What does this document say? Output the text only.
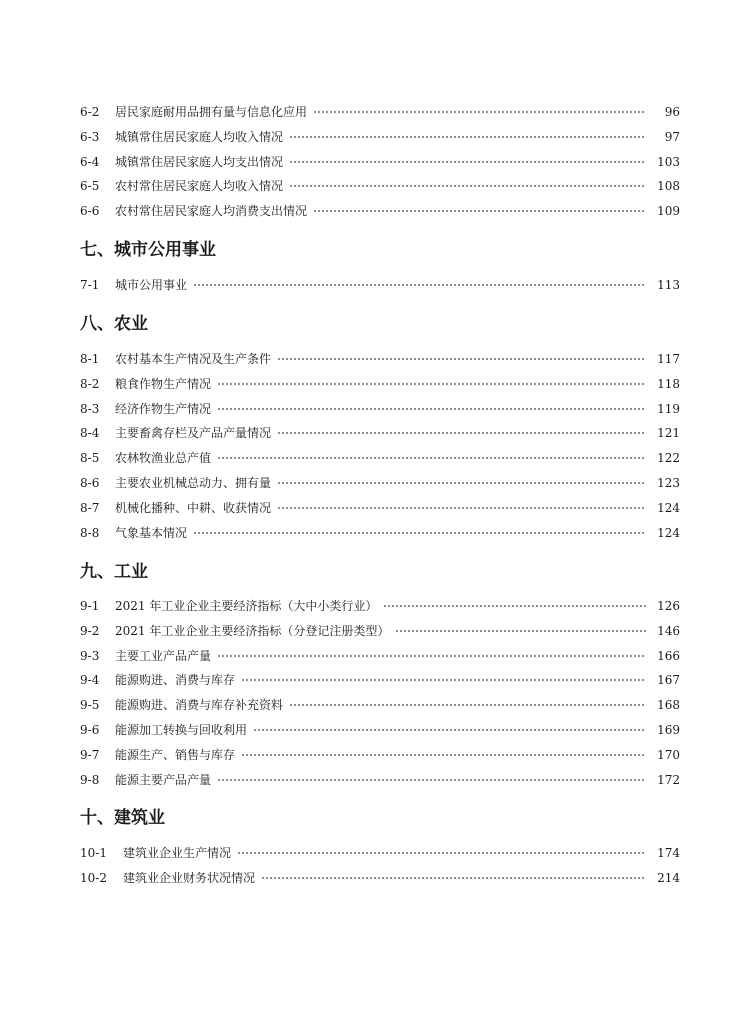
6-2	居民家庭耐用品拥有量与信息化应用	96
6-3	城镇常住居民家庭人均收入情况	97
6-4	城镇常住居民家庭人均支出情况	103
6-5	农村常住居民家庭人均收入情况	108
6-6	农村常住居民家庭人均消费支出情况	109
七、城市公用事业
7-1	城市公用事业	113
八、农业
8-1	农村基本生产情况及生产条件	117
8-2	粮食作物生产情况	118
8-3	经济作物生产情况	119
8-4	主要畜禽存栏及产品产量情况	121
8-5	农林牧渔业总产值	122
8-6	主要农业机械总动力、拥有量	123
8-7	机械化播种、中耕、收获情况	124
8-8	气象基本情况	124
九、工业
9-1	2021 年工业企业主要经济指标（大中小类行业）	126
9-2	2021 年工业企业主要经济指标（分登记注册类型）	146
9-3	主要工业产品产量	166
9-4	能源购进、消费与库存	167
9-5	能源购进、消费与库存补充资料	168
9-6	能源加工转换与回收利用	169
9-7	能源生产、销售与库存	170
9-8	能源主要产品产量	172
十、建筑业
10-1	建筑业企业生产情况	174
10-2	建筑业企业财务状况情况	214
